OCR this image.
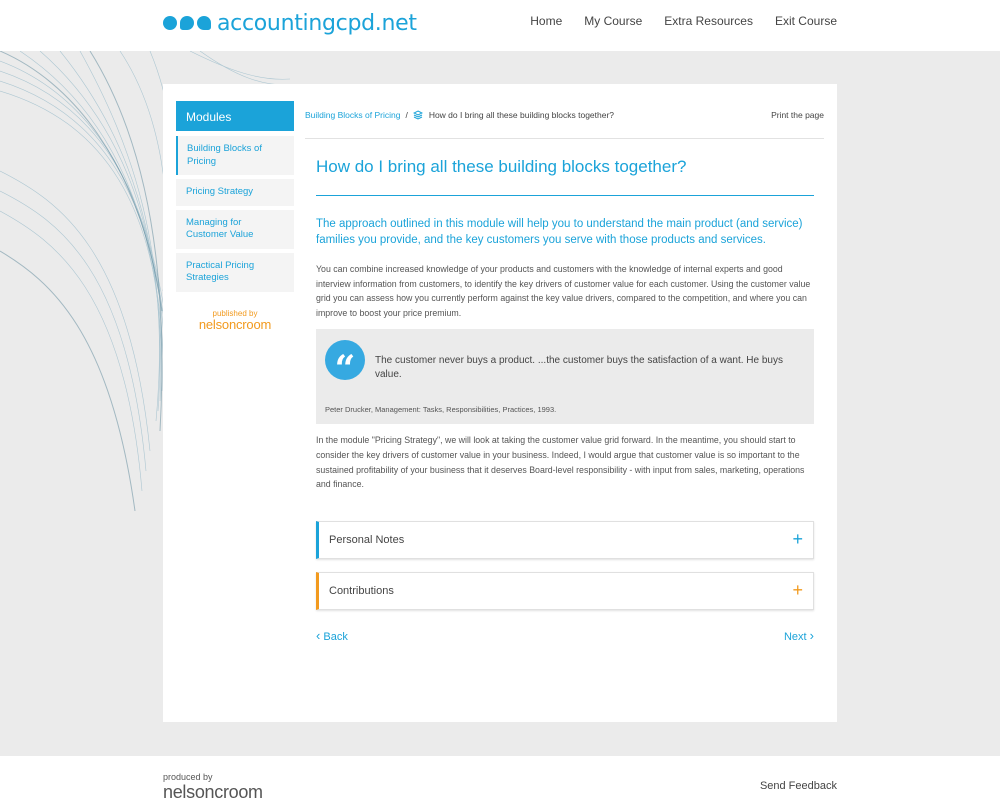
accountingcpd.net	Home My Course Extra Resources Exit Course
Modules
Building Blocks of Pricing
Pricing Strategy
Managing for Customer Value
Practical Pricing Strategies
published by
nelsoncroom
Building Blocks of Pricing / How do I bring all these building blocks together?	Print the page
How do I bring all these building blocks together?

The approach outlined in this module will help you to understand the main product (and service) families you provide, and the key customers you serve with those products and services.

You can combine increased knowledge of your products and customers with the knowledge of internal experts and good interview information from customers, to identify the key drivers of customer value for each customer. Using the customer value grid you can assess how you currently perform against the key value drivers, compared to the competition, and where you can improve to boost your price premium.

“	The customer never buys a product. ...the customer buys the satisfaction of a want. He buys value.
Peter Drucker, Management: Tasks, Responsibilities, Practices, 1993.

In the module "Pricing Strategy", we will look at taking the customer value grid forward. In the meantime, you should start to consider the key drivers of customer value in your business. Indeed, I would argue that customer value is so important to the sustained profitability of your business that it deserves Board-level responsibility - with input from sales, marketing, operations and finance.

Personal Notes	+
Contributions	+
‹ Back	Next ›
produced by
nelsoncroom	Send Feedback
